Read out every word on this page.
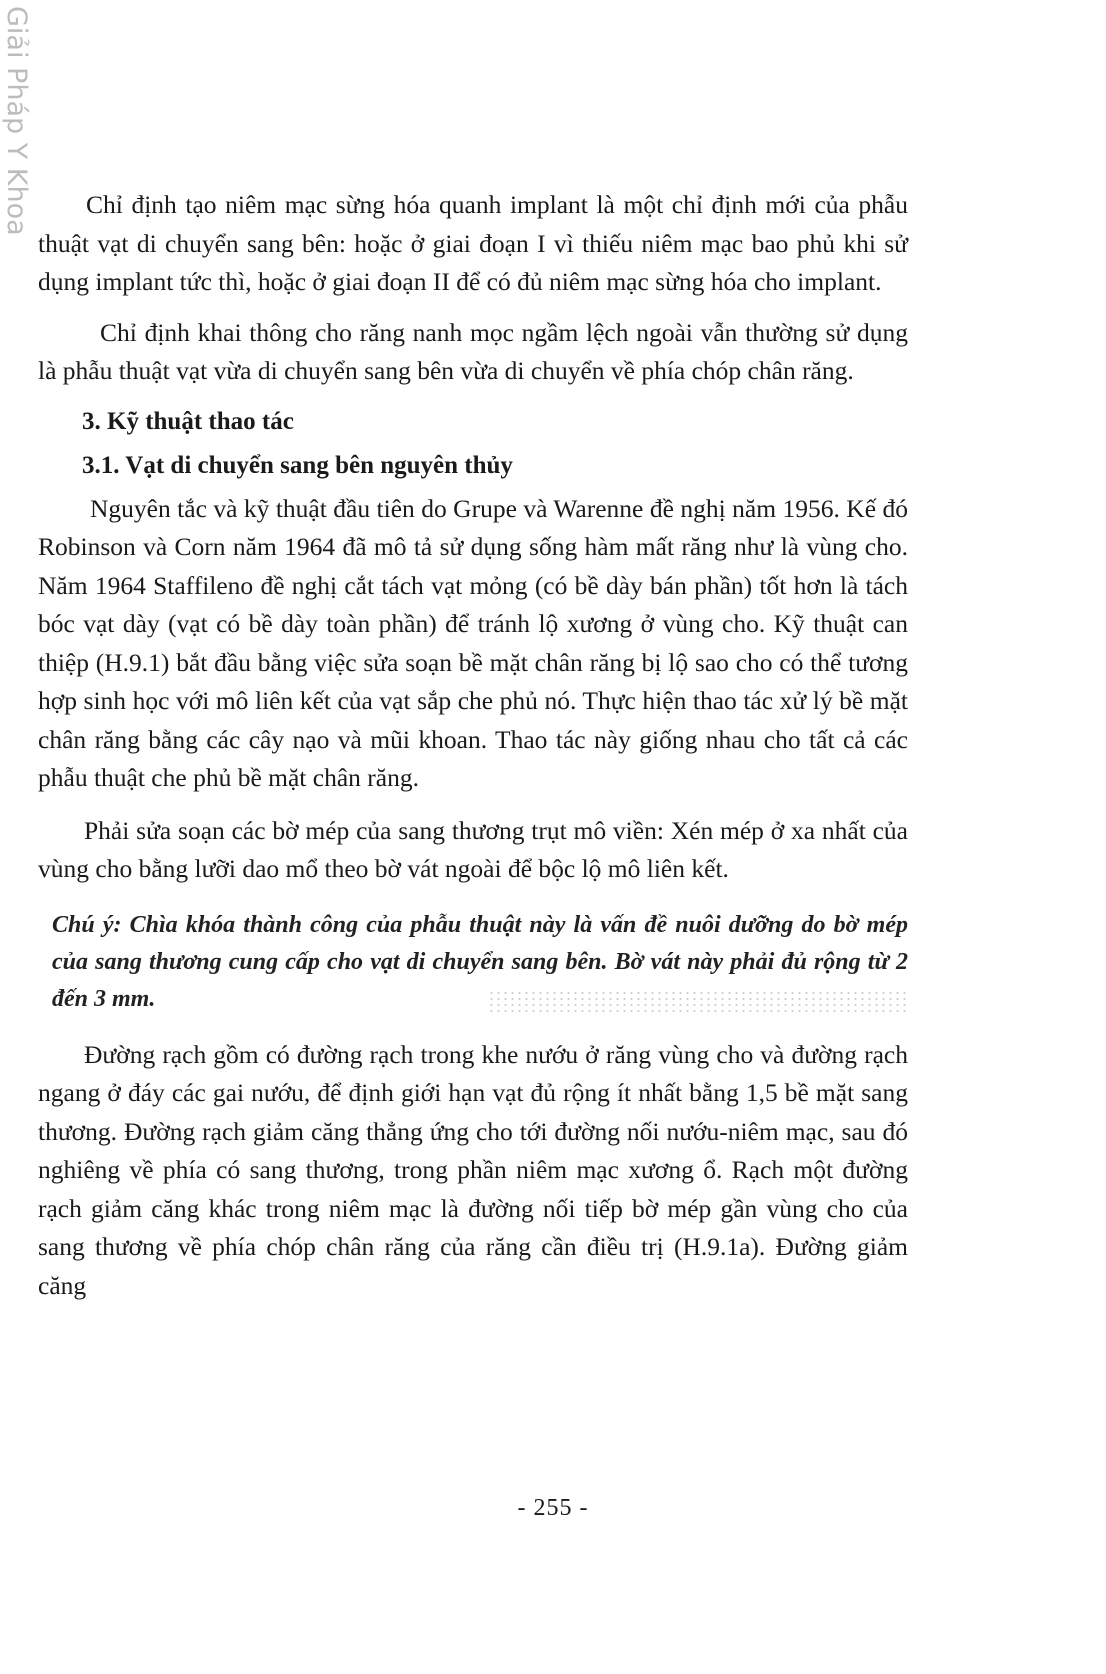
Giải Pháp Y Khoa	Chỉ định tạo niêm mạc sừng hóa quanh implant là một chỉ định mới của phẫu thuật vạt di chuyển sang bên: hoặc ở giai đoạn I vì thiếu niêm mạc bao phủ khi sử dụng implant tức thì, hoặc ở giai đoạn II để có đủ niêm mạc sừng hóa cho implant.

Chỉ định khai thông cho răng nanh mọc ngầm lệch ngoài vẫn thường sử dụng là phẫu thuật vạt vừa di chuyển sang bên vừa di chuyển về phía chóp chân răng.

3. Kỹ thuật thao tác

3.1. Vạt di chuyển sang bên nguyên thủy

Nguyên tắc và kỹ thuật đầu tiên do Grupe và Warenne đề nghị năm 1956. Kế đó Robinson và Corn năm 1964 đã mô tả sử dụng sống hàm mất răng như là vùng cho. Năm 1964 Staffileno đề nghị cắt tách vạt mỏng (có bề dày bán phần) tốt hơn là tách bóc vạt dày (vạt có bề dày toàn phần) để tránh lộ xương ở vùng cho. Kỹ thuật can thiệp (H.9.1) bắt đầu bằng việc sửa soạn bề mặt chân răng bị lộ sao cho có thể tương hợp sinh học với mô liên kết của vạt sắp che phủ nó. Thực hiện thao tác xử lý bề mặt chân răng bằng các cây nạo và mũi khoan. Thao tác này giống nhau cho tất cả các phẫu thuật che phủ bề mặt chân răng.

Phải sửa soạn các bờ mép của sang thương trụt mô viền: Xén mép ở xa nhất của vùng cho bằng lưỡi dao mổ theo bờ vát ngoài để bộc lộ mô liên kết.

Chú ý: Chìa khóa thành công của phẫu thuật này là vấn đề nuôi dưỡng do bờ mép của sang thương cung cấp cho vạt di chuyển sang bên. Bờ vát này phải đủ rộng từ 2 đến 3 mm.

Đường rạch gồm có đường rạch trong khe nướu ở răng vùng cho và đường rạch ngang ở đáy các gai nướu, để định giới hạn vạt đủ rộng ít nhất bằng 1,5 bề mặt sang thương. Đường rạch giảm căng thẳng ứng cho tới đường nối nướu-niêm mạc, sau đó nghiêng về phía có sang thương, trong phần niêm mạc xương ổ. Rạch một đường rạch giảm căng khác trong niêm mạc là đường nối tiếp bờ mép gần vùng cho của sang thương về phía chóp chân răng của răng cần điều trị (H.9.1a). Đường giảm căng

- 255 -
